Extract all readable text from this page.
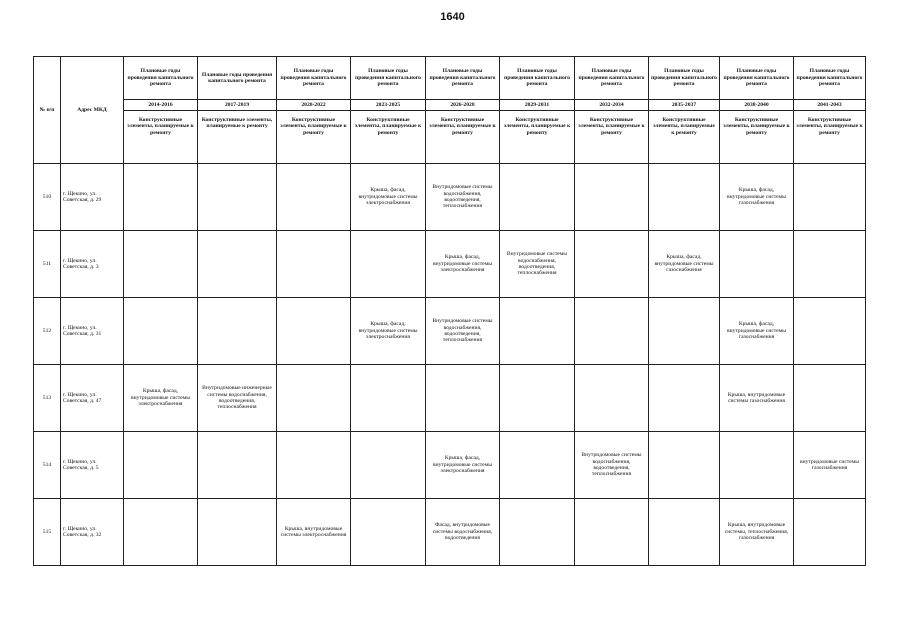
1640
№ п/п	Адрес МКД	Плановые годы проведения капитального ремонта	Плановые годы проведения капитального ремонта	Плановые годы проведения капитального ремонта	Плановые годы проведения капитального ремонта	Плановые годы проведения капитального ремонта	Плановые годы проведения капитального ремонта	Плановые годы проведения капитального ремонта	Плановые годы проведения капитального ремонта	Плановые годы проведения капитального ремонта	Плановые годы проведения капитального ремонта
		2014-2016	2017-2019	2020-2022	2023-2025	2026-2028	2029-2031	2032-2034	2035-2037	2038-2040	2041-2043
		Конструктивные элементы, планируемые к ремонту	Конструктивные элементы, планируемые к ремонту	Конструктивные элементы, планируемые к ремонту	Конструктивные элементы, планируемые к ремонту	Конструктивные элементы, планируемые к ремонту	Конструктивные элементы, планируемые к ремонту	Конструктивные элементы, планируемые к ремонту	Конструктивные элементы, планируемые к ремонту	Конструктивные элементы, планируемые к ремонту	Конструктивные элементы, планируемые к ремонту
510	г. Щекино, ул. Советская, д. 29				Крыша, фасад, внутридомовые системы электроснабжения	Внутридомовые системы водоснабжения, водоотведения, теплоснабжения				Крыша, фасад, внутридомовые системы газоснабжения	
511	г. Щекино, ул. Советская, д. 3					Крыша, фасад, внутридомовые системы электроснабжения	Внутридомовые системы водоснабжения, водоотведения, теплоснабжения		Крыша, фасад, внутридомовые системы газоснабжения		
512	г. Щекино, ул. Советская, д. 31				Крыша, фасад, внутридомовые системы электроснабжения	Внутридомовые системы водоснабжения, водоотведения, теплоснабжения				Крыша, фасад, внутридомовые системы газоснабжения	
513	г. Щекино, ул. Советская, д. 47	Крыша, фасад, внутридомовые системы электроснабжения	Внутридомовые инженерные системы водоснабжения, водоотведения, теплоснабжения							Крыша, внутридомовые системы газоснабжения	
514	г. Щекино, ул. Советская, д. 5					Крыша, фасад, внутридомовые системы электроснабжения		Внутридомовые системы водоснабжения, водоотведения, теплоснабжения			внутридомовые системы газоснабжения
515	г. Щекино, ул. Советская, д. 32			Крыша, внутридомовые системы электроснабжения		Фасад, внутридомовые системы водоснабжения, водоотведения				Крыша, внутридомовые системы, теплоснабжения, газоснабжения	
